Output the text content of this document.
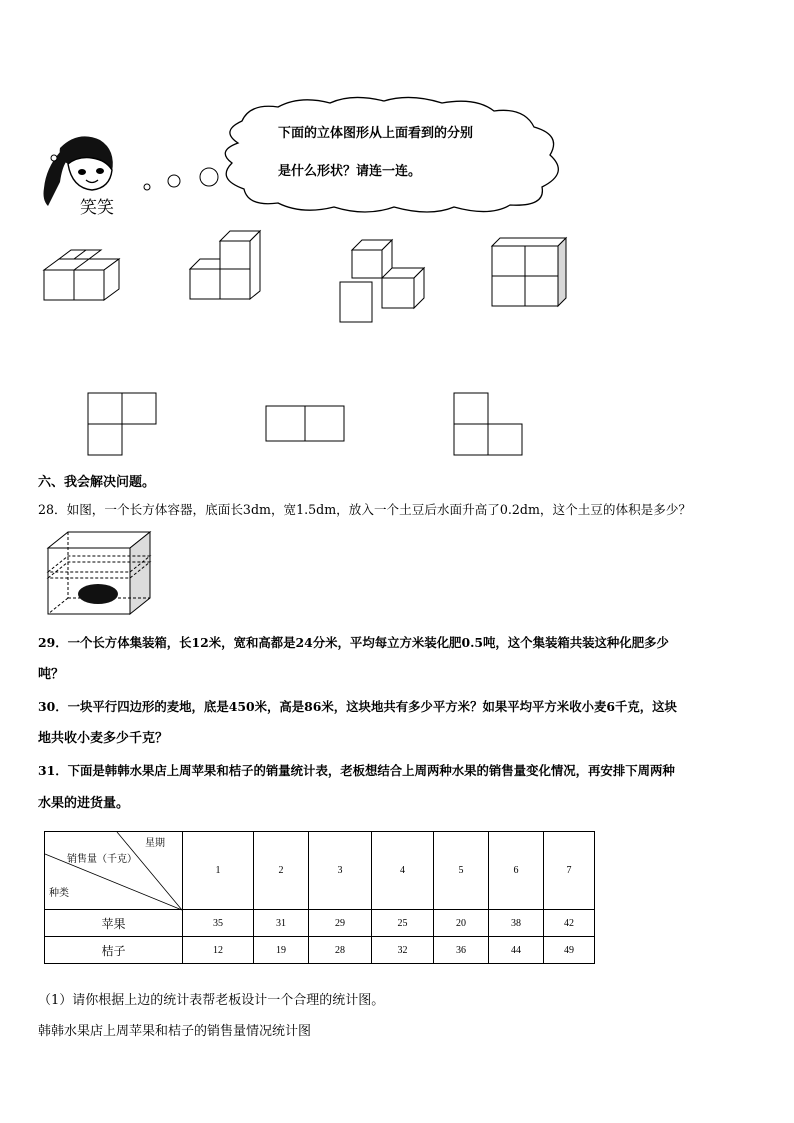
笑笑
下面的立体图形从上面看到的分别
是什么形状？请连一连。
六、我会解决问题。
28．如图，一个长方体容器，底面长3dm，宽1.5dm，放入一个土豆后水面升高了0.2dm，这个土豆的体积是多少？
29．一个长方体集装箱，长12米，宽和高都是24分米，平均每立方米装化肥0.5吨，这个集装箱共装这种化肥多少
吨？
30．一块平行四边形的麦地，底是450米，高是86米，这块地共有多少平方米？如果平均平方米收小麦6千克，这块
地共收小麦多少千克？
31．下面是韩韩水果店上周苹果和桔子的销量统计表，老板想结合上周两种水果的销售量变化情况，再安排下周两种
水果的进货量。
星期
销售量（千克）
种类	1	2	3	4	5	6	7
苹果	35	31	29	25	20	38	42
桔子	12	19	28	32	36	44	49
（1）请你根据上边的统计表帮老板设计一个合理的统计图。
韩韩水果店上周苹果和桔子的销售量情况统计图
